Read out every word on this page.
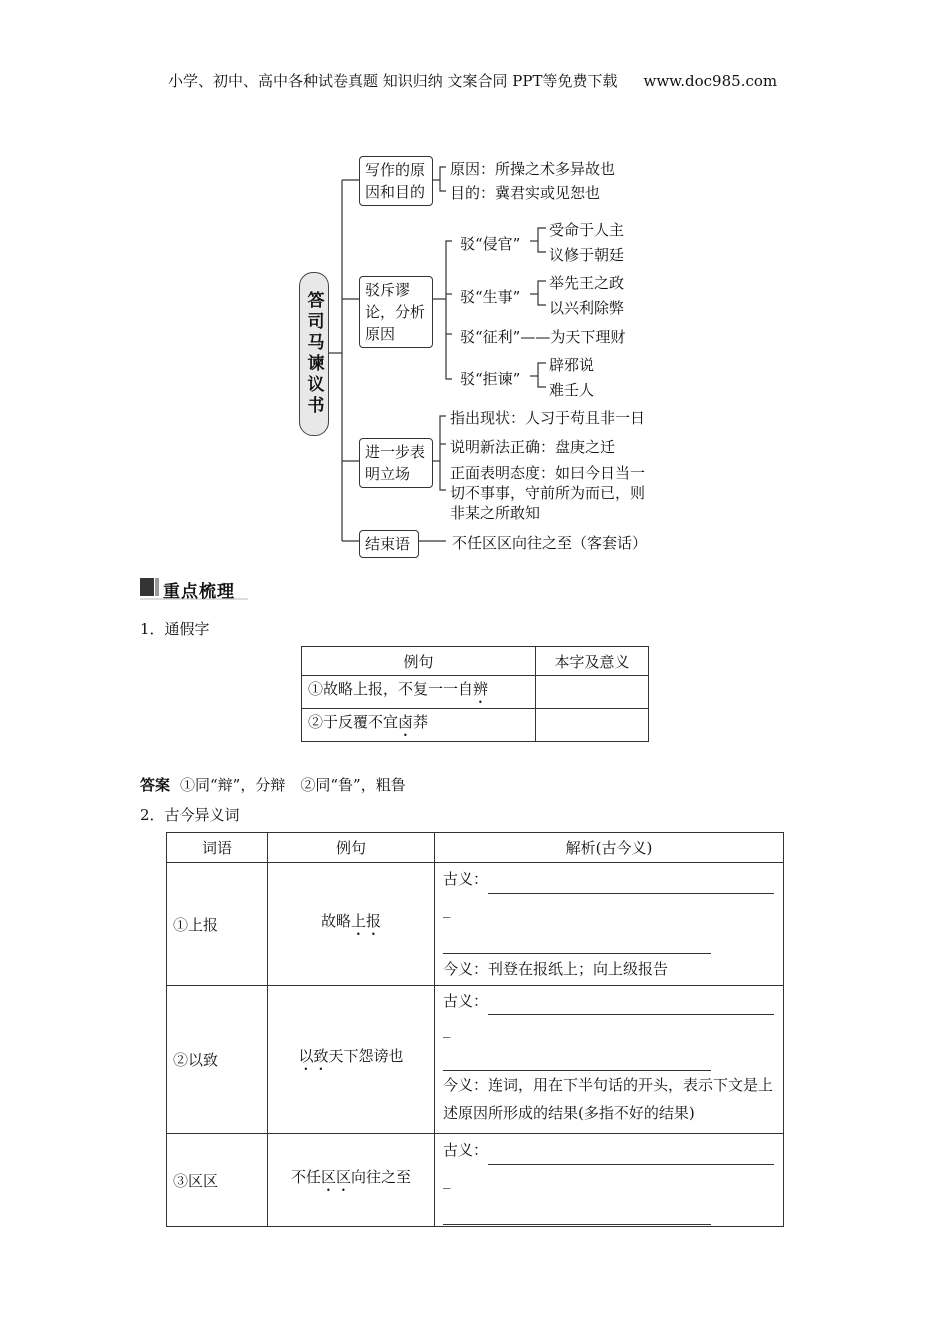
小学、初中、高中各种试卷真题 知识归纳 文案合同 PPT等免费下载 www.doc985.com
答司马谏议书
写作的原因和目的
原因：所操之术多异故也
目的：冀君实或见恕也
驳斥谬论，分析原因
驳“侵官”
受命于人主
议修于朝廷
驳“生事”
举先王之政
以兴利除弊
驳“征利”——为天下理财
驳“拒谏”
辟邪说
难壬人
进一步表明立场
指出现状：人习于苟且非一日
说明新法正确：盘庚之迁
正面表明态度：如曰今日当一切不事事，守前所为而已，则非某之所敢知
结束语	不任区区向往之至（客套话）
重点梳理
1．通假字
例句	本字及意义
①故略上报，不复一一自辨	
②于反覆不宜卤莽	
答案 ①同“辩”，分辩　②同“鲁”，粗鲁
2．古今异义词
词语	例句	解析(古今义)
①上报	故略上报	古义：
_
今义：刊登在报纸上；向上级报告

②以致	以致天下怨谤也	古义：
_
今义：连词，用在下半句话的开头，表示下文是上述原因所形成的结果(多指不好的结果)

③区区	不任区区向往之至	古义：
_
